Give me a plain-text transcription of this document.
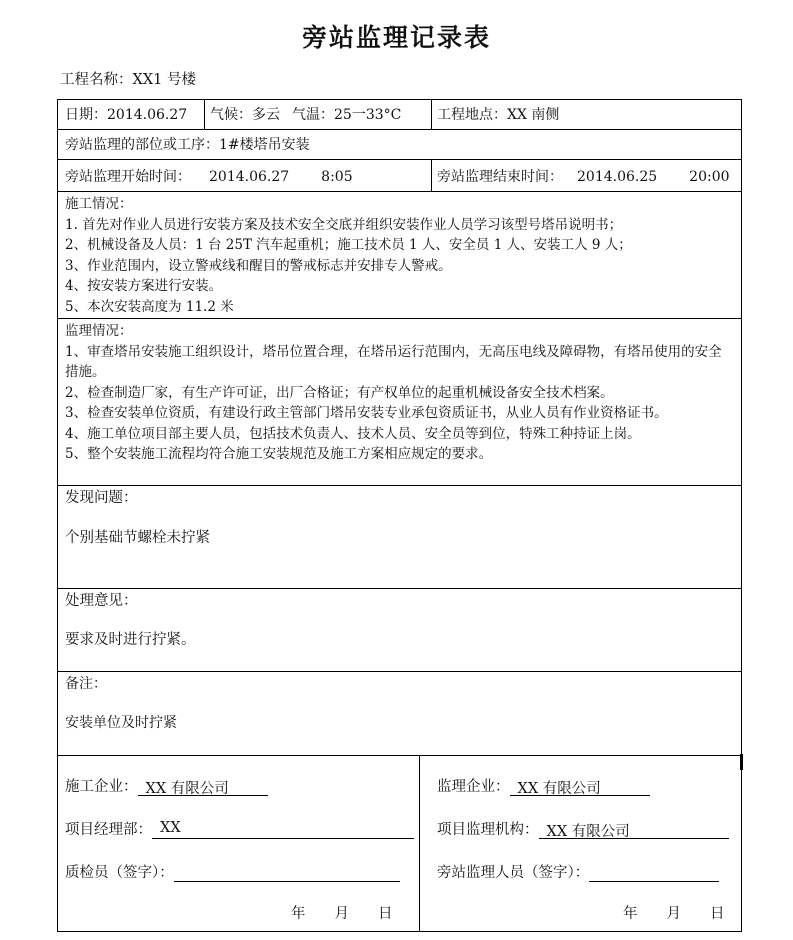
旁站监理记录表
工程名称：XX1 号楼
日期：2014.06.27 气候：多云 气温：25一33°C	工程地点：XX 南侧
旁站监理的部位或工序：1#楼塔吊安装
旁站监理开始时间： 2014.06.27 8:05	旁站监理结束时间： 2014.06.25 20:00

施工情况：

1. 首先对作业人员进行安装方案及技术安全交底并组织安装作业人员学习该型号塔吊说明书；

2、机械设备及人员：1 台 25T 汽车起重机；施工技术员 1 人、安全员 1 人、安装工人 9 人；

3、作业范围内，设立警戒线和醒目的警戒标志并安排专人警戒。

4、按安装方案进行安装。

5、本次安装高度为 11.2 米

监理情况：

1、审查塔吊安装施工组织设计，塔吊位置合理，在塔吊运行范围内，无高压电线及障碍物，有塔吊使用的安全措施。

2、检查制造厂家，有生产许可证，出厂合格证；有产权单位的起重机械设备安全技术档案。

3、检查安装单位资质，有建设行政主管部门塔吊安装专业承包资质证书，从业人员有作业资格证书。

4、施工单位项目部主要人员，包括技术负责人、技术人员、安全员等到位，特殊工种持证上岗。

5、整个安装施工流程均符合施工安装规范及施工方案相应规定的要求。

发现问题：
个别基础节螺栓未拧紧
处理意见：
要求及时进行拧紧。
备注：
安装单位及时拧紧
施工企业： XX 有限公司
项目经理部： XX
质检员（签字）：
年　　月　　日
监理企业： XX 有限公司
项目监理机构： XX 有限公司
旁站监理人员（签字）：
年　　月　　日
